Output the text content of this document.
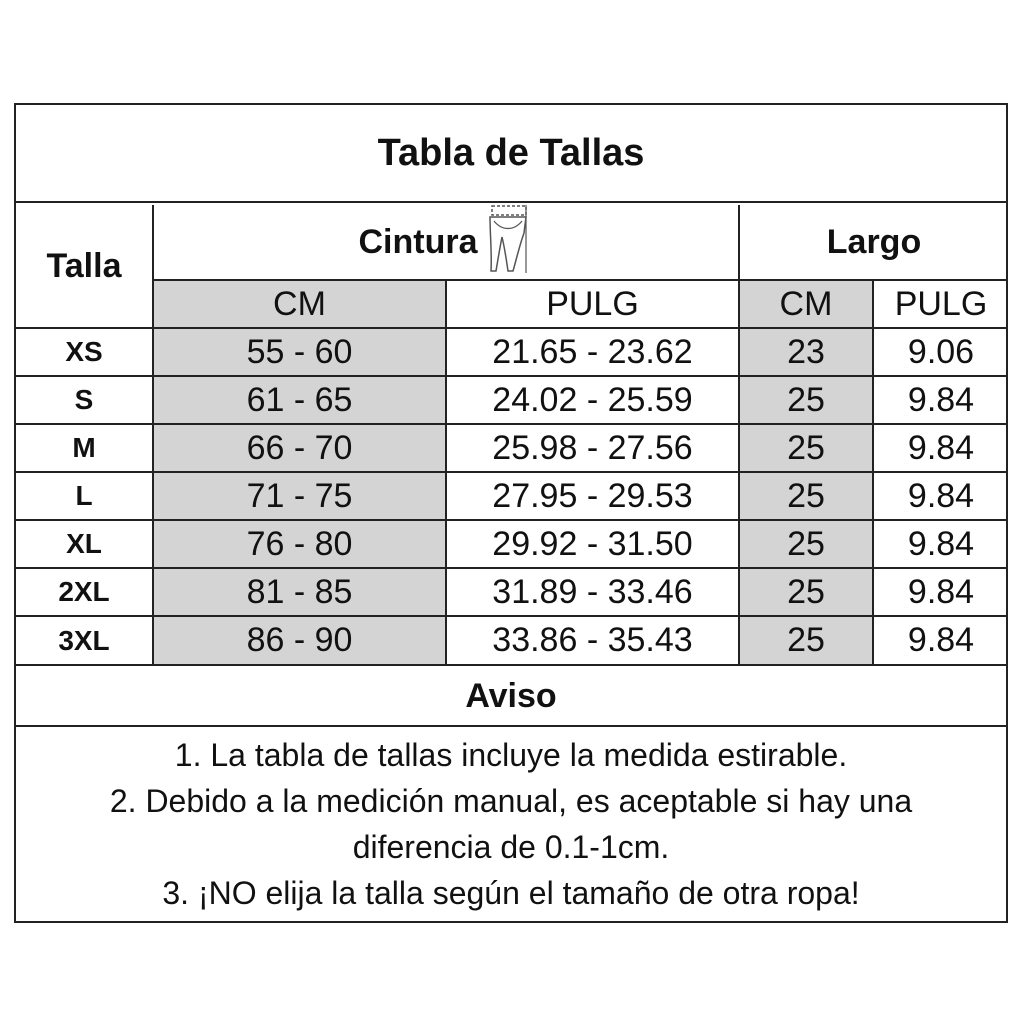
Tabla de Tallas
Talla
Cintura	Largo
CM	PULG	CM	PULG
XS	55 - 60	21.65 - 23.62	23	9.06
S	61 - 65	24.02 - 25.59	25	9.84
M	66 - 70	25.98 - 27.56	25	9.84
L	71 - 75	27.95 - 29.53	25	9.84
XL	76 - 80	29.92 - 31.50	25	9.84
2XL	81 - 85	31.89 - 33.46	25	9.84
3XL	86 - 90	33.86 - 35.43	25	9.84
Aviso
1. La tabla de tallas incluye la medida estirable.
2. Debido a la medición manual, es aceptable si hay una
diferencia de 0.1-1cm.
3. ¡NO elija la talla según el tamaño de otra ropa!
